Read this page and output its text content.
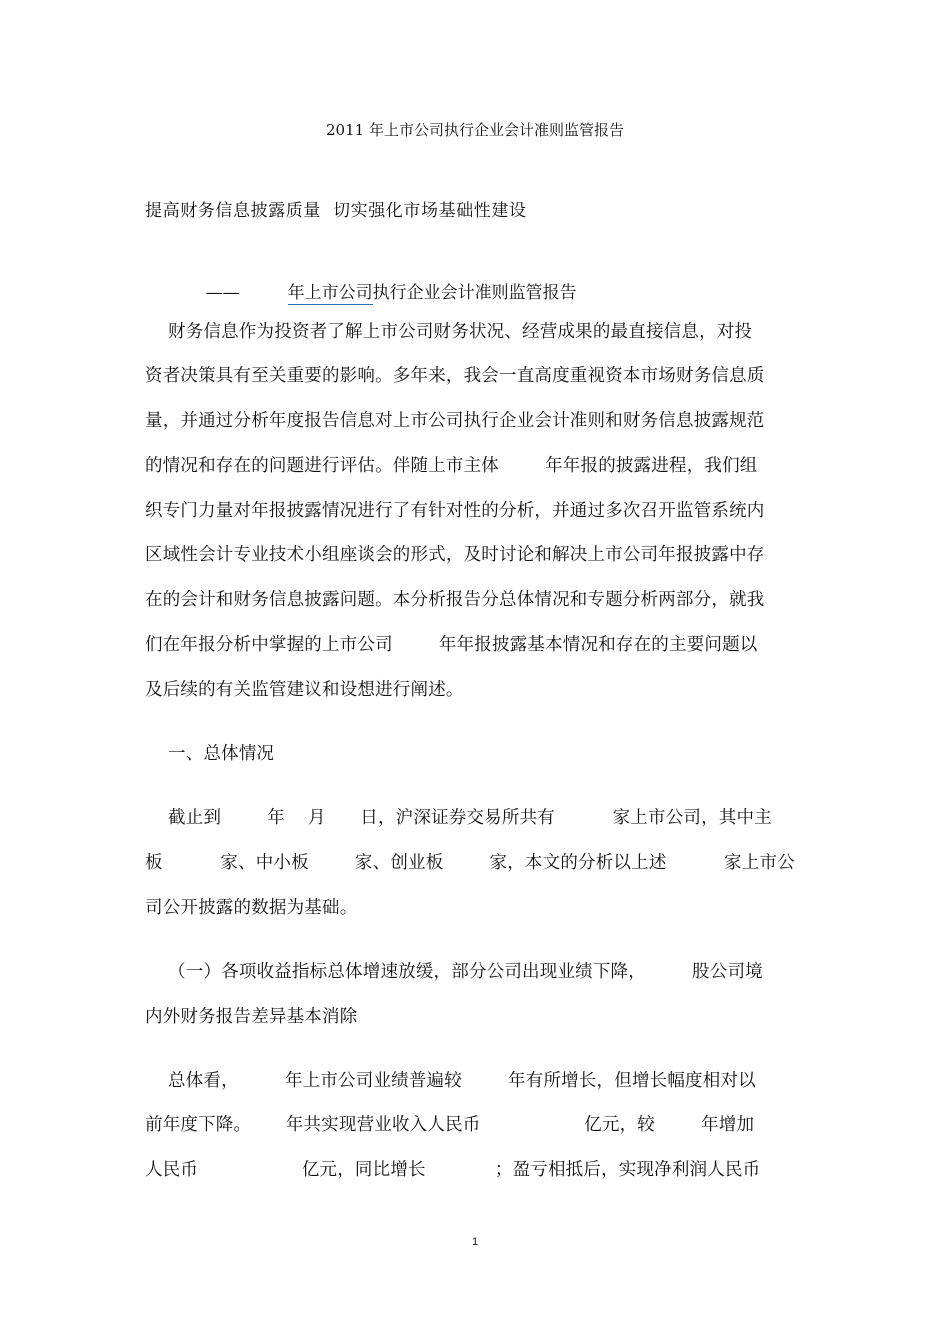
2011 年上市公司执行企业会计准则监管报告
提高财务信息披露质量  切实强化市场基础性建设

——	年上市公司执行企业会计准则监管报告

财务信息作为投资者了解上市公司财务状况、经营成果的最直接信息，对投
资者决策具有至关重要的影响。多年来，我会一直高度重视资本市场财务信息质
量，并通过分析年度报告信息对上市公司执行企业会计准则和财务信息披露规范
的情况和存在的问题进行评估。伴随上市主体        年年报的披露进程，我们组
织专门力量对年报披露情况进行了有针对性的分析，并通过多次召开监管系统内
区域性会计专业技术小组座谈会的形式，及时讨论和解决上市公司年报披露中存
在的会计和财务信息披露问题。本分析报告分总体情况和专题分析两部分，就我
们在年报分析中掌握的上市公司        年年报披露基本情况和存在的主要问题以
及后续的有关监管建议和设想进行阐述。
一、总体情况
截止到        年    月      日，沪深证券交易所共有          家上市公司，其中主
板          家、中小板        家、创业板        家，本文的分析以上述          家上市公
司公开披露的数据为基础。
（一）各项收益指标总体增速放缓，部分公司出现业绩下降，        股公司境
内外财务报告差异基本消除
总体看，        年上市公司业绩普遍较        年有所增长，但增长幅度相对以
前年度下降。      年共实现营业收入人民币                  亿元，较        年增加
人民币                  亿元，同比增长            ；盈亏相抵后，实现净利润人民币
1
